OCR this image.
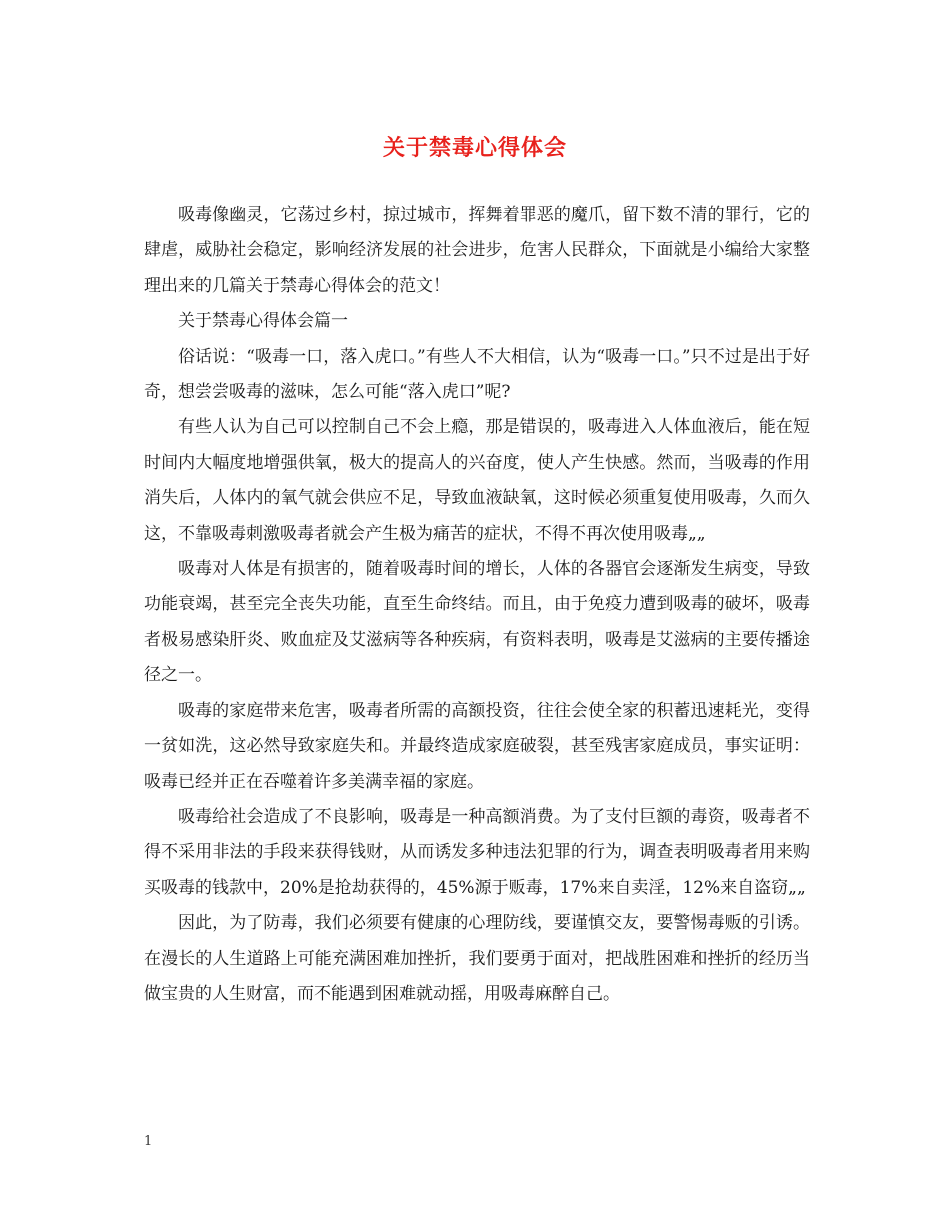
关于禁毒心得体会

吸毒像幽灵，它荡过乡村，掠过城市，挥舞着罪恶的魔爪，留下数不清的罪行，它的肆虐，威胁社会稳定，影响经济发展的社会进步，危害人民群众，下面就是小编给大家整理出来的几篇关于禁毒心得体会的范文！

关于禁毒心得体会篇一

俗话说：“吸毒一口，落入虎口。”有些人不大相信，认为“吸毒一口。”只不过是出于好奇，想尝尝吸毒的滋味，怎么可能“落入虎口”呢?

有些人认为自己可以控制自己不会上瘾，那是错误的，吸毒进入人体血液后，能在短时间内大幅度地增强供氧，极大的提高人的兴奋度，使人产生快感。然而，当吸毒的作用消失后，人体内的氧气就会供应不足，导致血液缺氧，这时候必须重复使用吸毒，久而久这，不靠吸毒刺激吸毒者就会产生极为痛苦的症状，不得不再次使用吸毒„„

吸毒对人体是有损害的，随着吸毒时间的增长，人体的各器官会逐渐发生病变，导致功能衰竭，甚至完全丧失功能，直至生命终结。而且，由于免疫力遭到吸毒的破坏，吸毒者极易感染肝炎、败血症及艾滋病等各种疾病，有资料表明，吸毒是艾滋病的主要传播途径之一。

吸毒的家庭带来危害，吸毒者所需的高额投资，往往会使全家的积蓄迅速耗光，变得一贫如洗，这必然导致家庭失和。并最终造成家庭破裂，甚至残害家庭成员，事实证明：吸毒已经并正在吞噬着许多美满幸福的家庭。

吸毒给社会造成了不良影响，吸毒是一种高额消费。为了支付巨额的毒资，吸毒者不得不采用非法的手段来获得钱财，从而诱发多种违法犯罪的行为，调查表明吸毒者用来购买吸毒的钱款中，20%是抢劫获得的，45%源于贩毒，17%来自卖淫，12%来自盗窃„„

因此，为了防毒，我们必须要有健康的心理防线，要谨慎交友，要警惕毒贩的引诱。在漫长的人生道路上可能充满困难加挫折，我们要勇于面对，把战胜困难和挫折的经历当做宝贵的人生财富，而不能遇到困难就动摇，用吸毒麻醉自己。

1
